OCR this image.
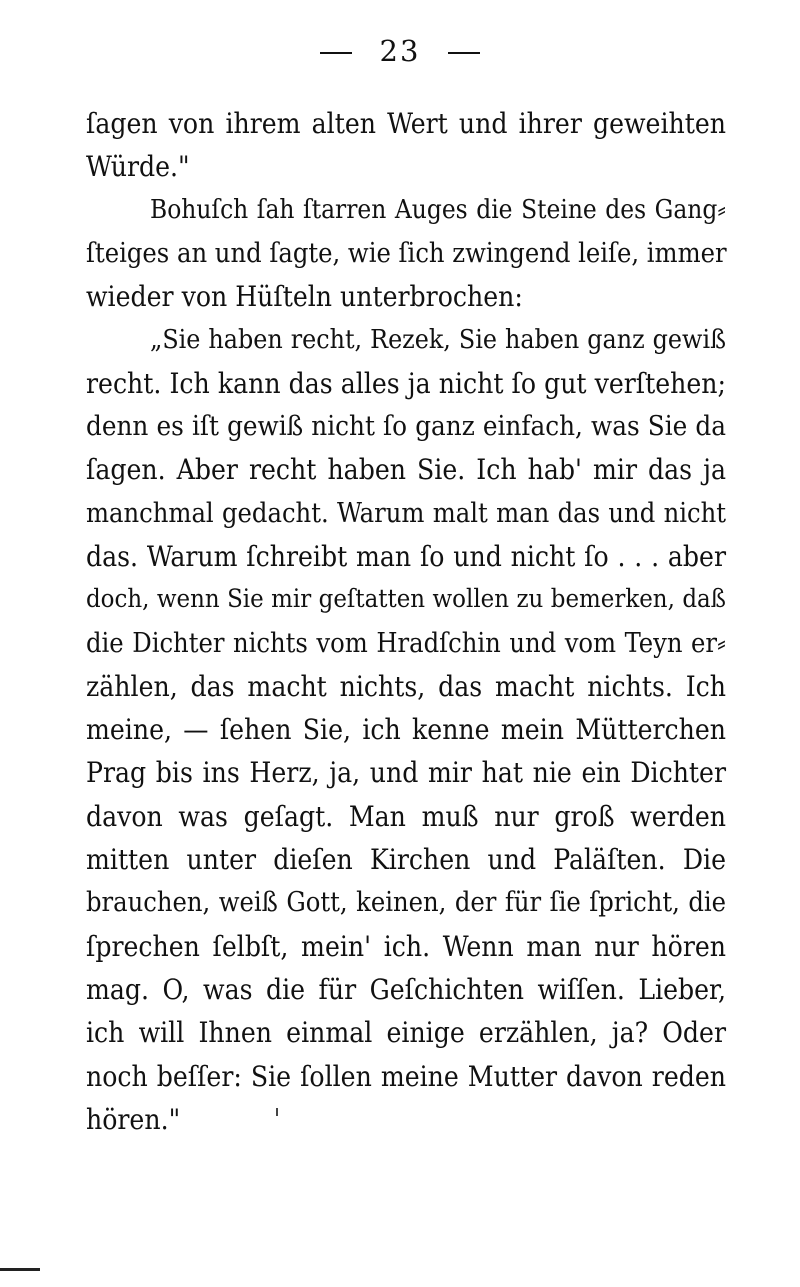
23
ſagen von ihrem alten Wert und ihrer geweihten
Würde."
Bohuſch ſah ſtarren Auges die Steine des Gang⸗
ſteiges an und ſagte, wie ſich zwingend leiſe, immer
wieder von Hüſteln unterbrochen:
„Sie haben recht, Rezek, Sie haben ganz gewiß
recht. Ich kann das alles ja nicht ſo gut verſtehen;
denn es iſt gewiß nicht ſo ganz einfach, was Sie da
ſagen. Aber recht haben Sie. Ich hab' mir das ja
manchmal gedacht. Warum malt man das und nicht
das. Warum ſchreibt man ſo und nicht ſo . . . aber
doch, wenn Sie mir geſtatten wollen zu bemerken, daß
die Dichter nichts vom Hradſchin und vom Teyn er⸗
zählen, das macht nichts, das macht nichts. Ich
meine, — ſehen Sie, ich kenne mein Mütterchen
Prag bis ins Herz, ja, und mir hat nie ein Dichter
davon was geſagt. Man muß nur groß werden
mitten unter dieſen Kirchen und Paläſten. Die
brauchen, weiß Gott, keinen, der für ſie ſpricht, die
ſprechen ſelbſt, mein' ich. Wenn man nur hören
mag. O, was die für Geſchichten wiſſen. Lieber,
ich will Ihnen einmal einige erzählen, ja? Oder
noch beſſer: Sie ſollen meine Mutter davon reden
hören."
